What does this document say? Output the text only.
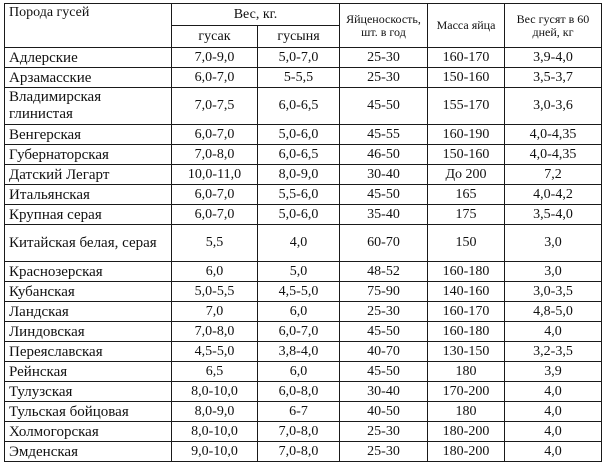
Порода гусей	Вес, кг.		Яйценоскость, шт. в год	Масса яйца	Вес гусят в 60 дней, кг
	гусак	гусыня			
Адлерские	7,0-9,0	5,0-7,0	25-30	160-170	3,9-4,0
Арзамасские	6,0-7,0	5-5,5	25-30	150-160	3,5-3,7
Владимирская глинистая	7,0-7,5	6,0-6,5	45-50	155-170	3,0-3,6
Венгерская	6,0-7,0	5,0-6,0	45-55	160-190	4,0-4,35
Губернаторская	7,0-8,0	6,0-6,5	46-50	150-160	4,0-4,35
Датский Легарт	10,0-11,0	8,0-9,0	30-40	До 200	7,2
Итальянская	6,0-7,0	5,5-6,0	45-50	165	4,0-4,2
Крупная серая	6,0-7,0	5,0-6,0	35-40	175	3,5-4,0
Китайская белая, серая	5,5	4,0	60-70	150	3,0
Краснозерская	6,0	5,0	48-52	160-180	3,0
Кубанская	5,0-5,5	4,5-5,0	75-90	140-160	3,0-3,5
Ландская	7,0	6,0	25-30	160-170	4,8-5,0
Линдовская	7,0-8,0	6,0-7,0	45-50	160-180	4,0
Переяславская	4,5-5,0	3,8-4,0	40-70	130-150	3,2-3,5
Рейнская	6,5	6,0	45-50	180	3,9
Тулузская	8,0-10,0	6,0-8,0	30-40	170-200	4,0
Тульская бойцовая	8,0-9,0	6-7	40-50	180	4,0
Холмогорская	8,0-10,0	7,0-8,0	25-30	180-200	4,0
Эмденская	9,0-10,0	7,0-8,0	25-30	180-200	4,0
